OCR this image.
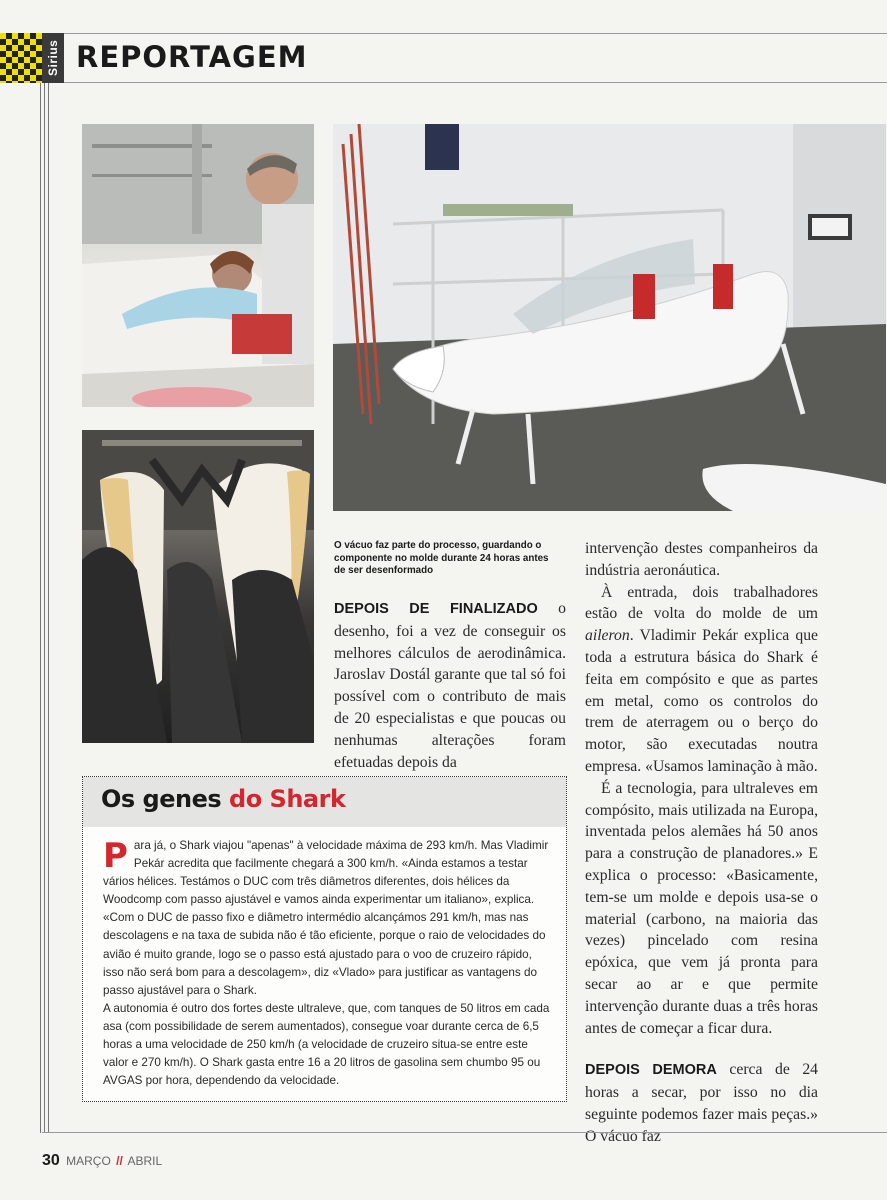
Sirius REPORTAGEM
O vácuo faz parte do processo, guardando o componente no molde durante 24 horas antes de ser desenformado

DEPOIS DE FINALIZADO o desenho, foi a vez de conseguir os melhores cálculos de aerodinâmica. Jaroslav Dostál garante que tal só foi possível com o contributo de mais de 20 especialistas e que poucas ou nenhumas alterações foram efetuadas depois da

intervenção destes companheiros da indústria aeronáutica.

À entrada, dois trabalhadores estão de volta do molde de um aileron. Vladimir Pekár explica que toda a estrutura básica do Shark é feita em compósito e que as partes em metal, como os controlos do trem de aterragem ou o berço do motor, são executadas noutra empresa. «Usamos laminação à mão.

É a tecnologia, para ultraleves em compósito, mais utilizada na Europa, inventada pelos alemães há 50 anos para a construção de planadores.» E explica o processo: «Basicamente, tem-se um molde e depois usa-se o material (carbono, na maioria das vezes) pincelado com resina epóxica, que vem já pronta para secar ao ar e que permite intervenção durante duas a três horas antes de começar a ficar dura.

DEPOIS DEMORA cerca de 24 horas a secar, por isso no dia seguinte podemos fazer mais peças.» O vácuo faz

Os genes do Shark

Para já, o Shark viajou "apenas" à velocidade máxima de 293 km/h. Mas Vladimir Pekár acredita que facilmente chegará a 300 km/h. «Ainda estamos a testar vários hélices. Testámos o DUC com três diâmetros diferentes, dois hélices da Woodcomp com passo ajustável e vamos ainda experimentar um italiano», explica. «Com o DUC de passo fixo e diâmetro intermédio alcançámos 291 km/h, mas nas descolagens e na taxa de subida não é tão eficiente, porque o raio de velocidades do avião é muito grande, logo se o passo está ajustado para o voo de cruzeiro rápido, isso não será bom para a descolagem», diz «Vlado» para justificar as vantagens do passo ajustável para o Shark.

A autonomia é outro dos fortes deste ultraleve, que, com tanques de 50 litros em cada asa (com possibilidade de serem aumentados), consegue voar durante cerca de 6,5 horas a uma velocidade de 250 km/h (a velocidade de cruzeiro situa-se entre este valor e 270 km/h). O Shark gasta entre 16 a 20 litros de gasolina sem chumbo 95 ou AVGAS por hora, dependendo da velocidade.

30 MARÇO // ABRIL
